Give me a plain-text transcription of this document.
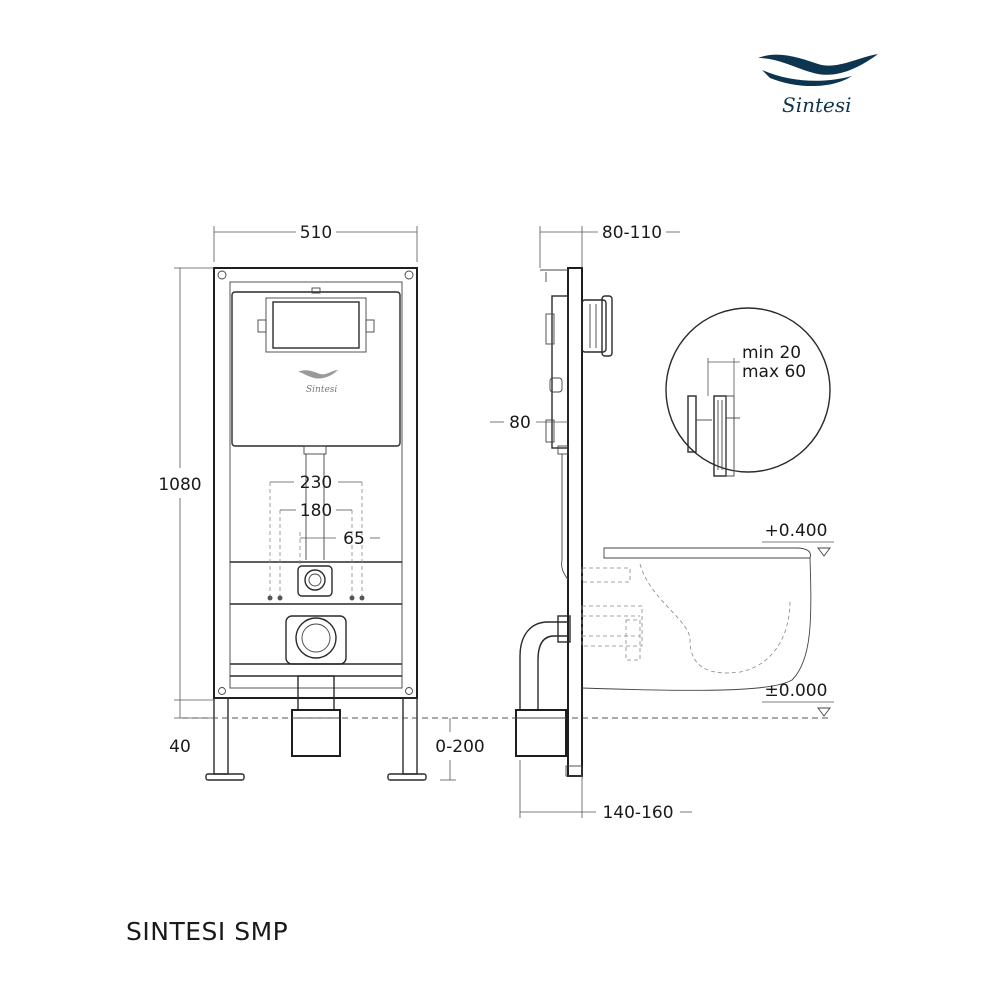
Sintesi
Sintesi
510
1080
40
230
180
65
0-200
80-110
80
140-160
+0.400
±0.000
min 20
max 60
SINTESI SMP
